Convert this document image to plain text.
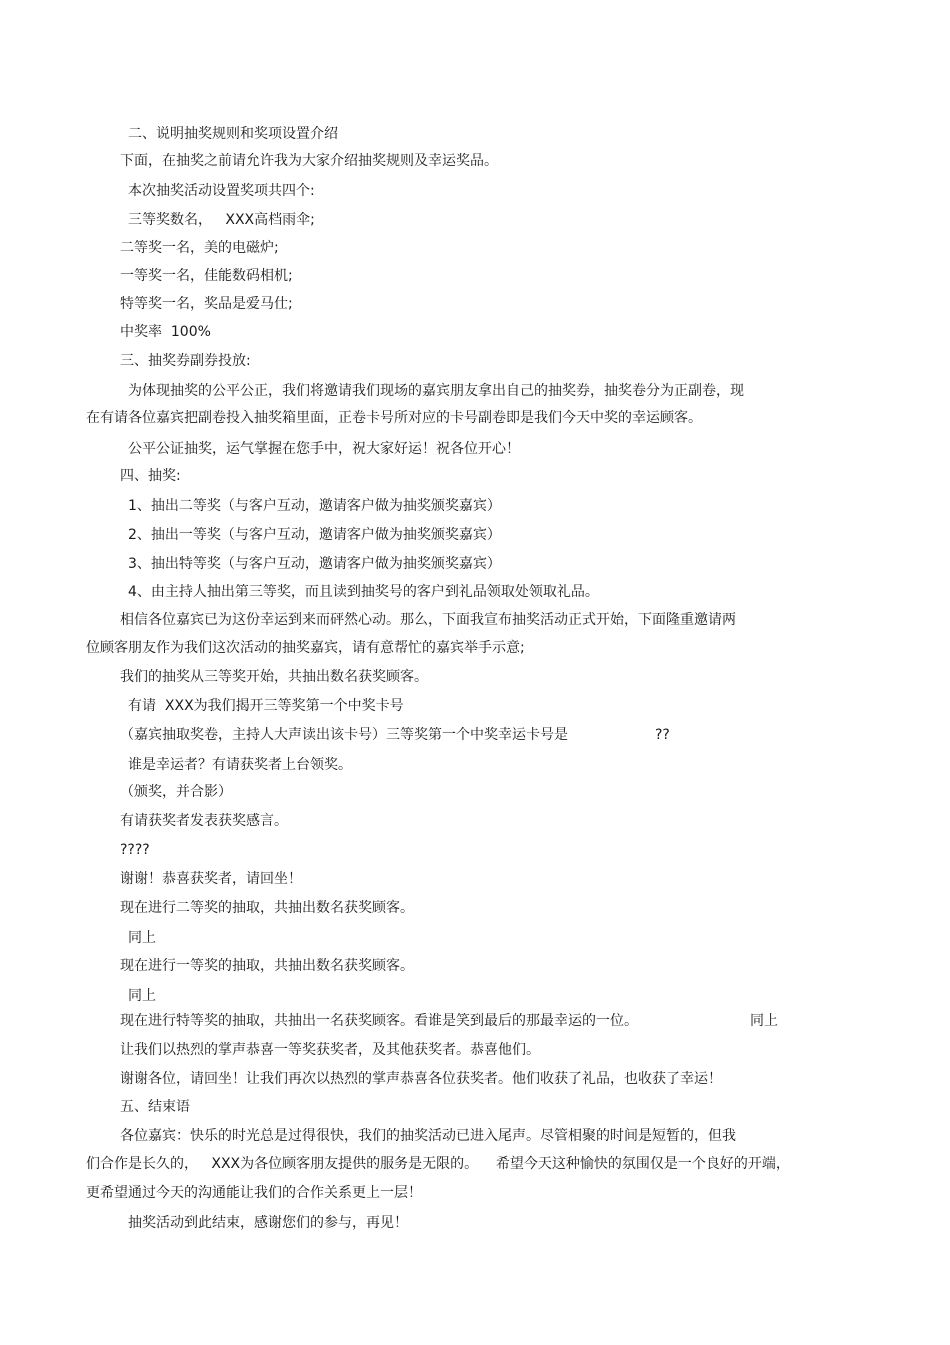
二、说明抽奖规则和奖项设置介绍

下面，在抽奖之前请允许我为大家介绍抽奖规则及幸运奖品。

本次抽奖活动设置奖项共四个:

三等奖数名，   XXX高档雨伞;

二等奖一名，美的电磁炉;

一等奖一名，佳能数码相机;

特等奖一名，奖品是爱马仕;

中奖率  100%

三、抽奖券副券投放:

为体现抽奖的公平公正，我们将邀请我们现场的嘉宾朋友拿出自己的抽奖券，抽奖卷分为正副卷，现

在有请各位嘉宾把副卷投入抽奖箱里面，正卷卡号所对应的卡号副卷即是我们今天中奖的幸运顾客。

公平公证抽奖，运气掌握在您手中，祝大家好运！祝各位开心！

四、抽奖:

1、抽出二等奖（与客户互动，邀请客户做为抽奖颁奖嘉宾）

2、抽出一等奖（与客户互动，邀请客户做为抽奖颁奖嘉宾）

3、抽出特等奖（与客户互动，邀请客户做为抽奖颁奖嘉宾）

4、由主持人抽出第三等奖，而且读到抽奖号的客户到礼品领取处领取礼品。

相信各位嘉宾已为这份幸运到来而砰然心动。那么，下面我宣布抽奖活动正式开始，下面隆重邀请两

位顾客朋友作为我们这次活动的抽奖嘉宾，请有意帮忙的嘉宾举手示意;

我们的抽奖从三等奖开始，共抽出数名获奖顾客。

有请  XXX为我们揭开三等奖第一个中奖卡号

（嘉宾抽取奖卷，主持人大声读出该卡号）三等奖第一个中奖幸运卡号是	??

谁是幸运者？有请获奖者上台领奖。

（颁奖，并合影）

有请获奖者发表获奖感言。

????

谢谢！恭喜获奖者，请回坐！

现在进行二等奖的抽取，共抽出数名获奖顾客。

同上

现在进行一等奖的抽取，共抽出数名获奖顾客。

同上

现在进行特等奖的抽取，共抽出一名获奖顾客。看谁是笑到最后的那最幸运的一位。	同上

让我们以热烈的掌声恭喜一等奖获奖者，及其他获奖者。恭喜他们。

谢谢各位，请回坐！让我们再次以热烈的掌声恭喜各位获奖者。他们收获了礼品，也收获了幸运！

五、结束语

各位嘉宾：快乐的时光总是过得很快，我们的抽奖活动已进入尾声。尽管相聚的时间是短暂的，但我

们合作是长久的，   XXX为各位顾客朋友提供的服务是无限的。    希望今天这种愉快的氛围仅是一个良好的开端，

更希望通过今天的沟通能让我们的合作关系更上一层！

抽奖活动到此结束，感谢您们的参与，再见！
